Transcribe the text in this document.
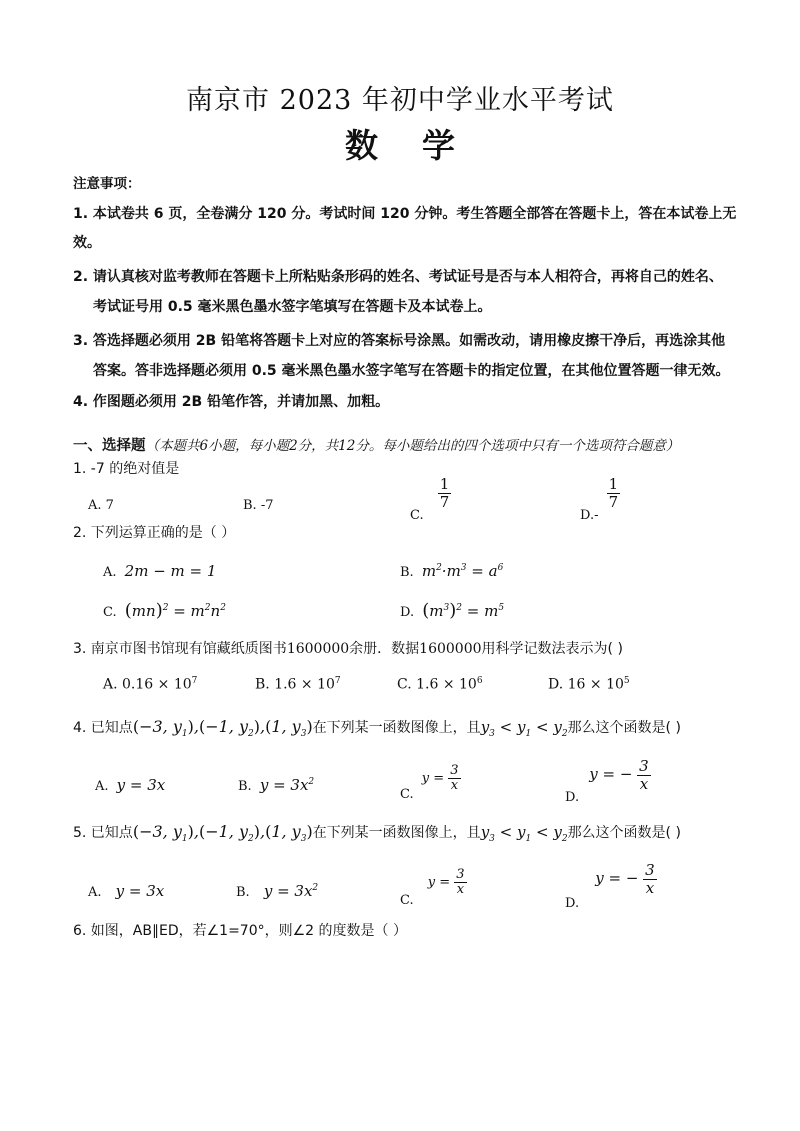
南京市 2023 年初中学业水平考试
数学
注意事项：
1. 本试卷共 6 页，全卷满分 120 分。考试时间 120 分钟。考生答题全部答在答题卡上，答在本试卷上无
效。
2. 请认真核对监考教师在答题卡上所粘贴条形码的姓名、考试证号是否与本人相符合，再将自己的姓名、
考试证号用 0.5 毫米黑色墨水签字笔填写在答题卡及本试卷上。
3. 答选择题必须用 2B 铅笔将答题卡上对应的答案标号涂黑。如需改动，请用橡皮擦干净后，再选涂其他
答案。答非选择题必须用 0.5 毫米黑色墨水签字笔写在答题卡的指定位置，在其他位置答题一律无效。
4. 作图题必须用 2B 铅笔作答，并请加黑、加粗。
一、选择题（本题共6小题，每小题2分，共12分。每小题给出的四个选项中只有一个选项符合题意）
1. -7 的绝对值是
A. 7	B. -7
C.
$\frac{1}{7}$
D.-
$\frac{1}{7}$
2. 下列运算正确的是（ ）
A. 2m − m = 1	B. $m^2\cdot m^3 = a^6$
C. $(mn)^2 = m^2n^2$	D. $(m^3)^2 = m^5$
3. 南京市图书馆现有馆藏纸质图书1600000余册．数据1600000用科学记数法表示为( )
A. $0.16 \times 10^7$	B. $1.6 \times 10^7$	C. $1.6 \times 10^6$	D. $16 \times 10^5$
4. 已知点(−3, $y_1),(-1$, $y_2),(1$, $y_3$)在下列某一函数图像上，且$y_3 < y_1 < y_2$那么这个函数是( )
A. y = 3x	B. $y = 3x^2$
C. $y = \frac{3}{x}$
D. y = − $\frac{3}{x}$
5. 已知点(−3, $y_1),(-1$, $y_2),(1$, $y_3$)在下列某一函数图像上，且$y_3 < y_1 < y_2$那么这个函数是( )
A. y = 3x	B. $y = 3x^2$
C. $y = \frac{3}{x}$
D. y = − $\frac{3}{x}$
6. 如图，AB∥ED，若∠1=70°，则∠2 的度数是（ ）
